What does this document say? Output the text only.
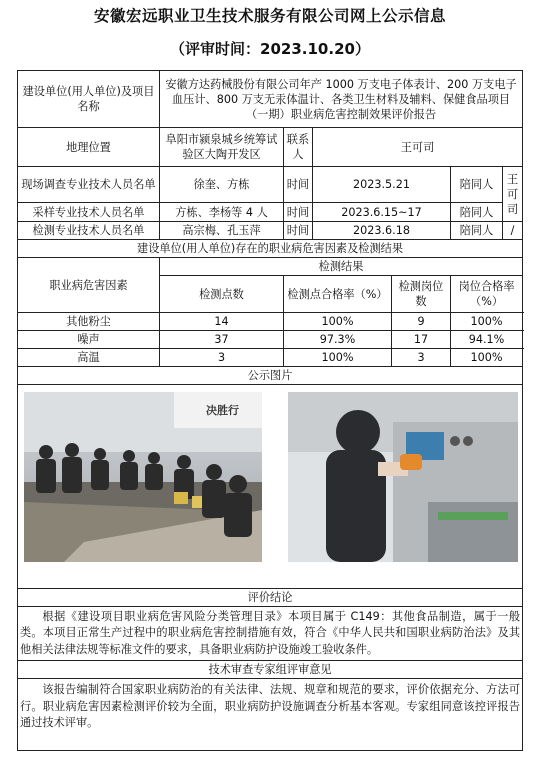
安徽宏远职业卫生技术服务有限公司网上公示信息
（评审时间：2023.10.20）
建设单位(用人单位)及项目名称	安徽方达药械股份有限公司年产 1000 万支电子体表计、200 万支电子血压计、800 万支无汞体温计、各类卫生材料及辅料、保健食品项目（一期）职业病危害控制效果评价报告					
地理位置	阜阳市颍泉城乡统筹试验区大陶开发区	联系人	王可司			
现场调查专业技术人员名单	徐奎、方栋	时间	2023.5.21		陪同人	王可司
采样专业技术人员名单	方栋、李杨等 4 人	时间	2023.6.15~17		陪同人	
检测专业技术人员名单	高宗梅、孔玉萍	时间	2023.6.18		陪同人	/
建设单位(用人单位)存在的职业病危害因素及检测结果						
职业病危害因素	检测结果					
	检测点数	检测点合格率（%）		检测岗位数	岗位合格率（%）	
其他粉尘	14	100%		9	100%	
噪声	37	97.3%		17	94.1%	
高温	3	100%		3	100%	
公示图片						

决胜行						

评价结论						

根据《建设项目职业病危害风险分类管理目录》本项目属于 C149：其他食品制造，属于一般类。本项目正常生产过程中的职业病危害控制措施有效，符合《中华人民共和国职业病防治法》及其他相关法律法规等标准文件的要求，具备职业病防护设施竣工验收条件。						

技术审查专家组评审意见						

该报告编制符合国家职业病防治的有关法律、法规、规章和规范的要求，评价依据充分、方法可行。职业病危害因素检测评价较为全面，职业病防护设施调查分析基本客观。专家组同意该控评报告通过技术评审。						
